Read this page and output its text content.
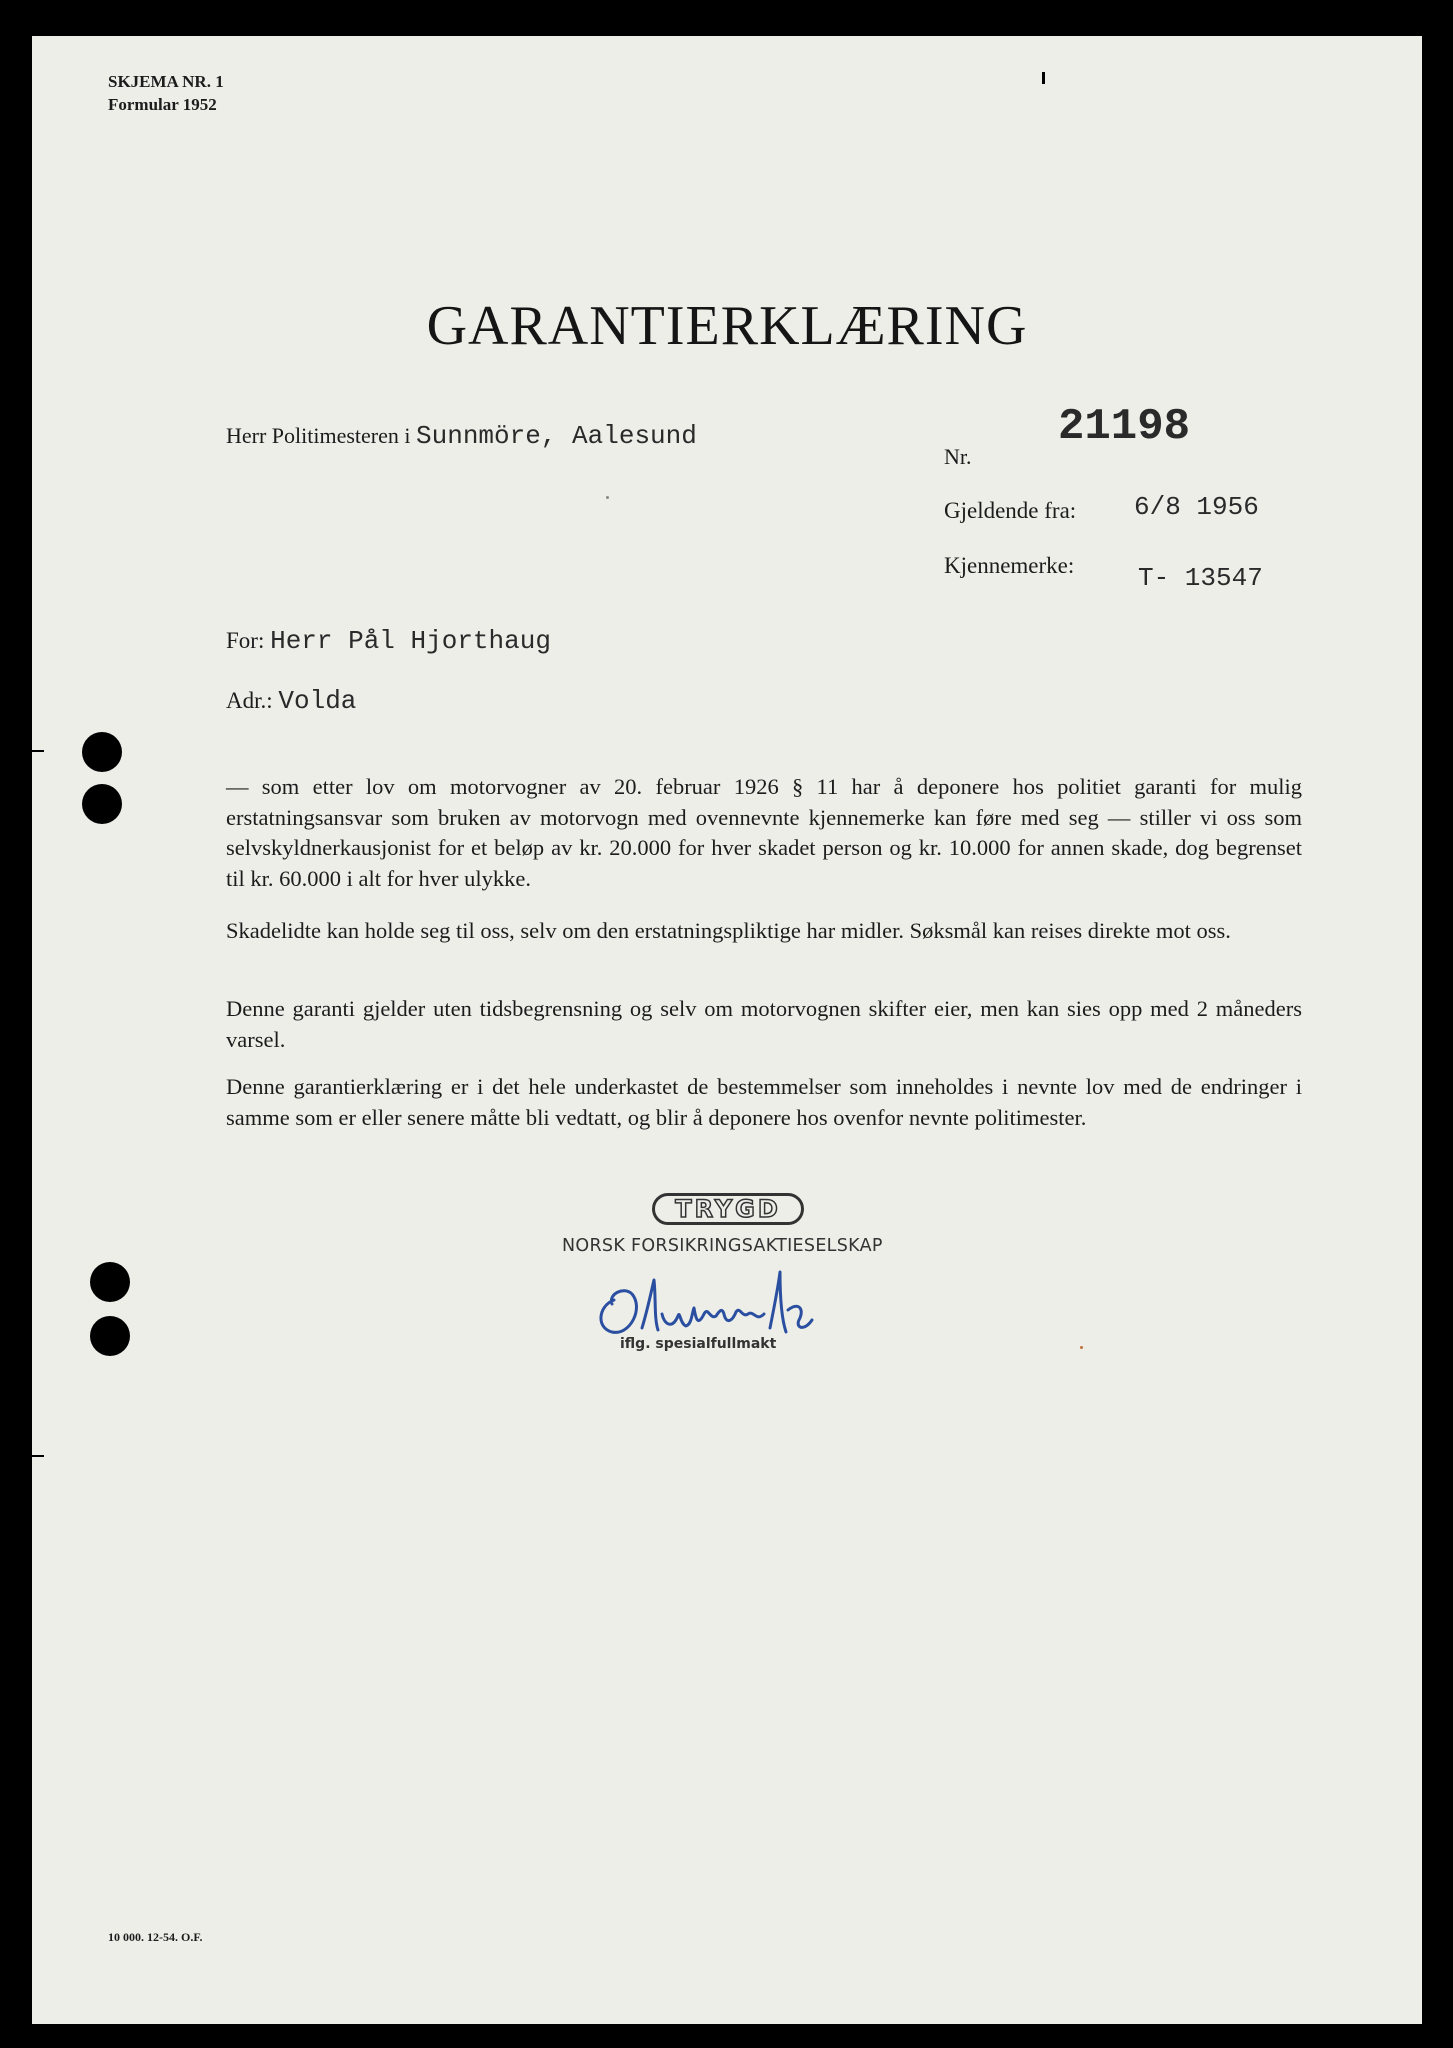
SKJEMA NR. 1
Formular 1952
GARANTIERKLÆRING
Herr Politimesteren i Sunnmöre, Aalesund
Nr.
21198
Gjeldende fra: 6/8 1956
Kjennemerke: T- 13547
For: Herr Pål Hjorthaug
Adr.: Volda
— som etter lov om motorvogner av 20. februar 1926 § 11 har å deponere hos politiet garanti for mulig erstatningsansvar som bruken av motorvogn med ovennevnte kjennemerke kan føre med seg — stiller vi oss som selvskyldnerkausjonist for et beløp av kr. 20.000 for hver skadet person og kr. 10.000 for annen skade, dog begrenset til kr. 60.000 i alt for hver ulykke.
Skadelidte kan holde seg til oss, selv om den erstatningspliktige har midler. Søksmål kan reises direkte mot oss.
Denne garanti gjelder uten tidsbegrensning og selv om motorvognen skifter eier, men kan sies opp med 2 måneders varsel.
Denne garantierklæring er i det hele underkastet de bestemmelser som inneholdes i nevnte lov med de endringer i samme som er eller senere måtte bli vedtatt, og blir å deponere hos ovenfor nevnte politimester.
TRYGD
NORSK FORSIKRINGSAKTIESELSKAP
iflg. spesialfullmakt
10 000. 12-54. O.F.
